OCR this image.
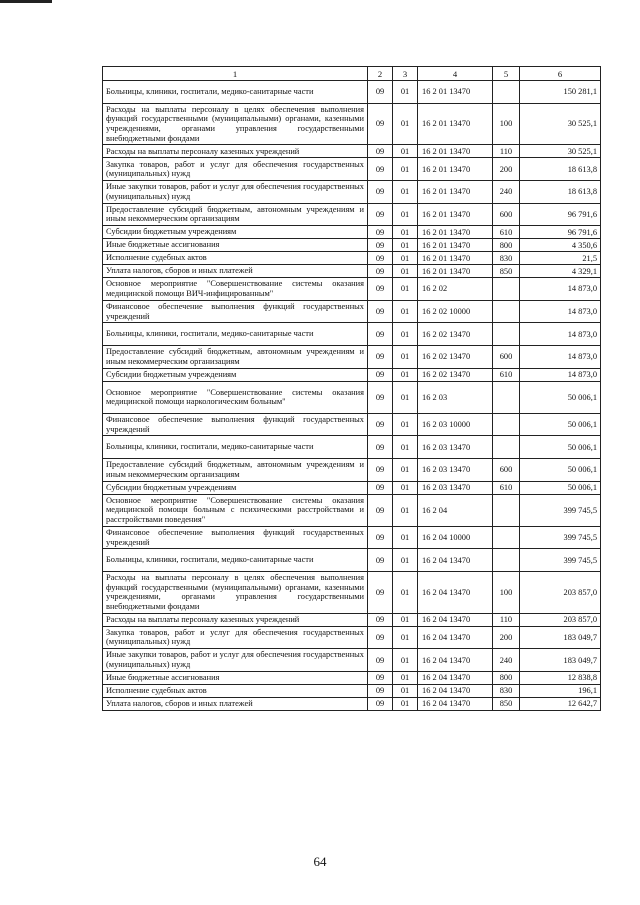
1	2	3	4	5	6
Больницы, клиники, госпитали, медико-санитарные части	09	01	16 2 01 13470		150 281,1
Расходы на выплаты персоналу в целях обеспечения выполнения функций государственными (муниципальными) органами, казенными учреждениями, органами управления государственными внебюджетными фондами	09	01	16 2 01 13470	100	30 525,1
Расходы на выплаты персоналу казенных учреждений	09	01	16 2 01 13470	110	30 525,1
Закупка товаров, работ и услуг для обеспечения государственных (муниципальных) нужд	09	01	16 2 01 13470	200	18 613,8
Иные закупки товаров, работ и услуг для обеспечения государственных (муниципальных) нужд	09	01	16 2 01 13470	240	18 613,8
Предоставление субсидий бюджетным, автономным учреждениям и иным некоммерческим организациям	09	01	16 2 01 13470	600	96 791,6
Субсидии бюджетным учреждениям	09	01	16 2 01 13470	610	96 791,6
Иные бюджетные ассигнования	09	01	16 2 01 13470	800	4 350,6
Исполнение судебных актов	09	01	16 2 01 13470	830	21,5
Уплата налогов, сборов и иных платежей	09	01	16 2 01 13470	850	4 329,1
Основное мероприятие "Совершенствование системы оказания медицинской помощи ВИЧ-инфицированным"	09	01	16 2 02		14 873,0
Финансовое обеспечение выполнения функций государственных учреждений	09	01	16 2 02 10000		14 873,0
Больницы, клиники, госпитали, медико-санитарные части	09	01	16 2 02 13470		14 873,0
Предоставление субсидий бюджетным, автономным учреждениям и иным некоммерческим организациям	09	01	16 2 02 13470	600	14 873,0
Субсидии бюджетным учреждениям	09	01	16 2 02 13470	610	14 873,0
Основное мероприятие "Совершенствование системы оказания медицинской помощи наркологическим больным"	09	01	16 2 03		50 006,1
Финансовое обеспечение выполнения функций государственных учреждений	09	01	16 2 03 10000		50 006,1
Больницы, клиники, госпитали, медико-санитарные части	09	01	16 2 03 13470		50 006,1
Предоставление субсидий бюджетным, автономным учреждениям и иным некоммерческим организациям	09	01	16 2 03 13470	600	50 006,1
Субсидии бюджетным учреждениям	09	01	16 2 03 13470	610	50 006,1
Основное мероприятие "Совершенствование системы оказания медицинской помощи больным с психическими расстройствами и расстройствами поведения"	09	01	16 2 04		399 745,5
Финансовое обеспечение выполнения функций государственных учреждений	09	01	16 2 04 10000		399 745,5
Больницы, клиники, госпитали, медико-санитарные части	09	01	16 2 04 13470		399 745,5
Расходы на выплаты персоналу в целях обеспечения выполнения функций государственными (муниципальными) органами, казенными учреждениями, органами управления государственными внебюджетными фондами	09	01	16 2 04 13470	100	203 857,0
Расходы на выплаты персоналу казенных учреждений	09	01	16 2 04 13470	110	203 857,0
Закупка товаров, работ и услуг для обеспечения государственных (муниципальных) нужд	09	01	16 2 04 13470	200	183 049,7
Иные закупки товаров, работ и услуг для обеспечения государственных (муниципальных) нужд	09	01	16 2 04 13470	240	183 049,7
Иные бюджетные ассигнования	09	01	16 2 04 13470	800	12 838,8
Исполнение судебных актов	09	01	16 2 04 13470	830	196,1
Уплата налогов, сборов и иных платежей	09	01	16 2 04 13470	850	12 642,7
64
